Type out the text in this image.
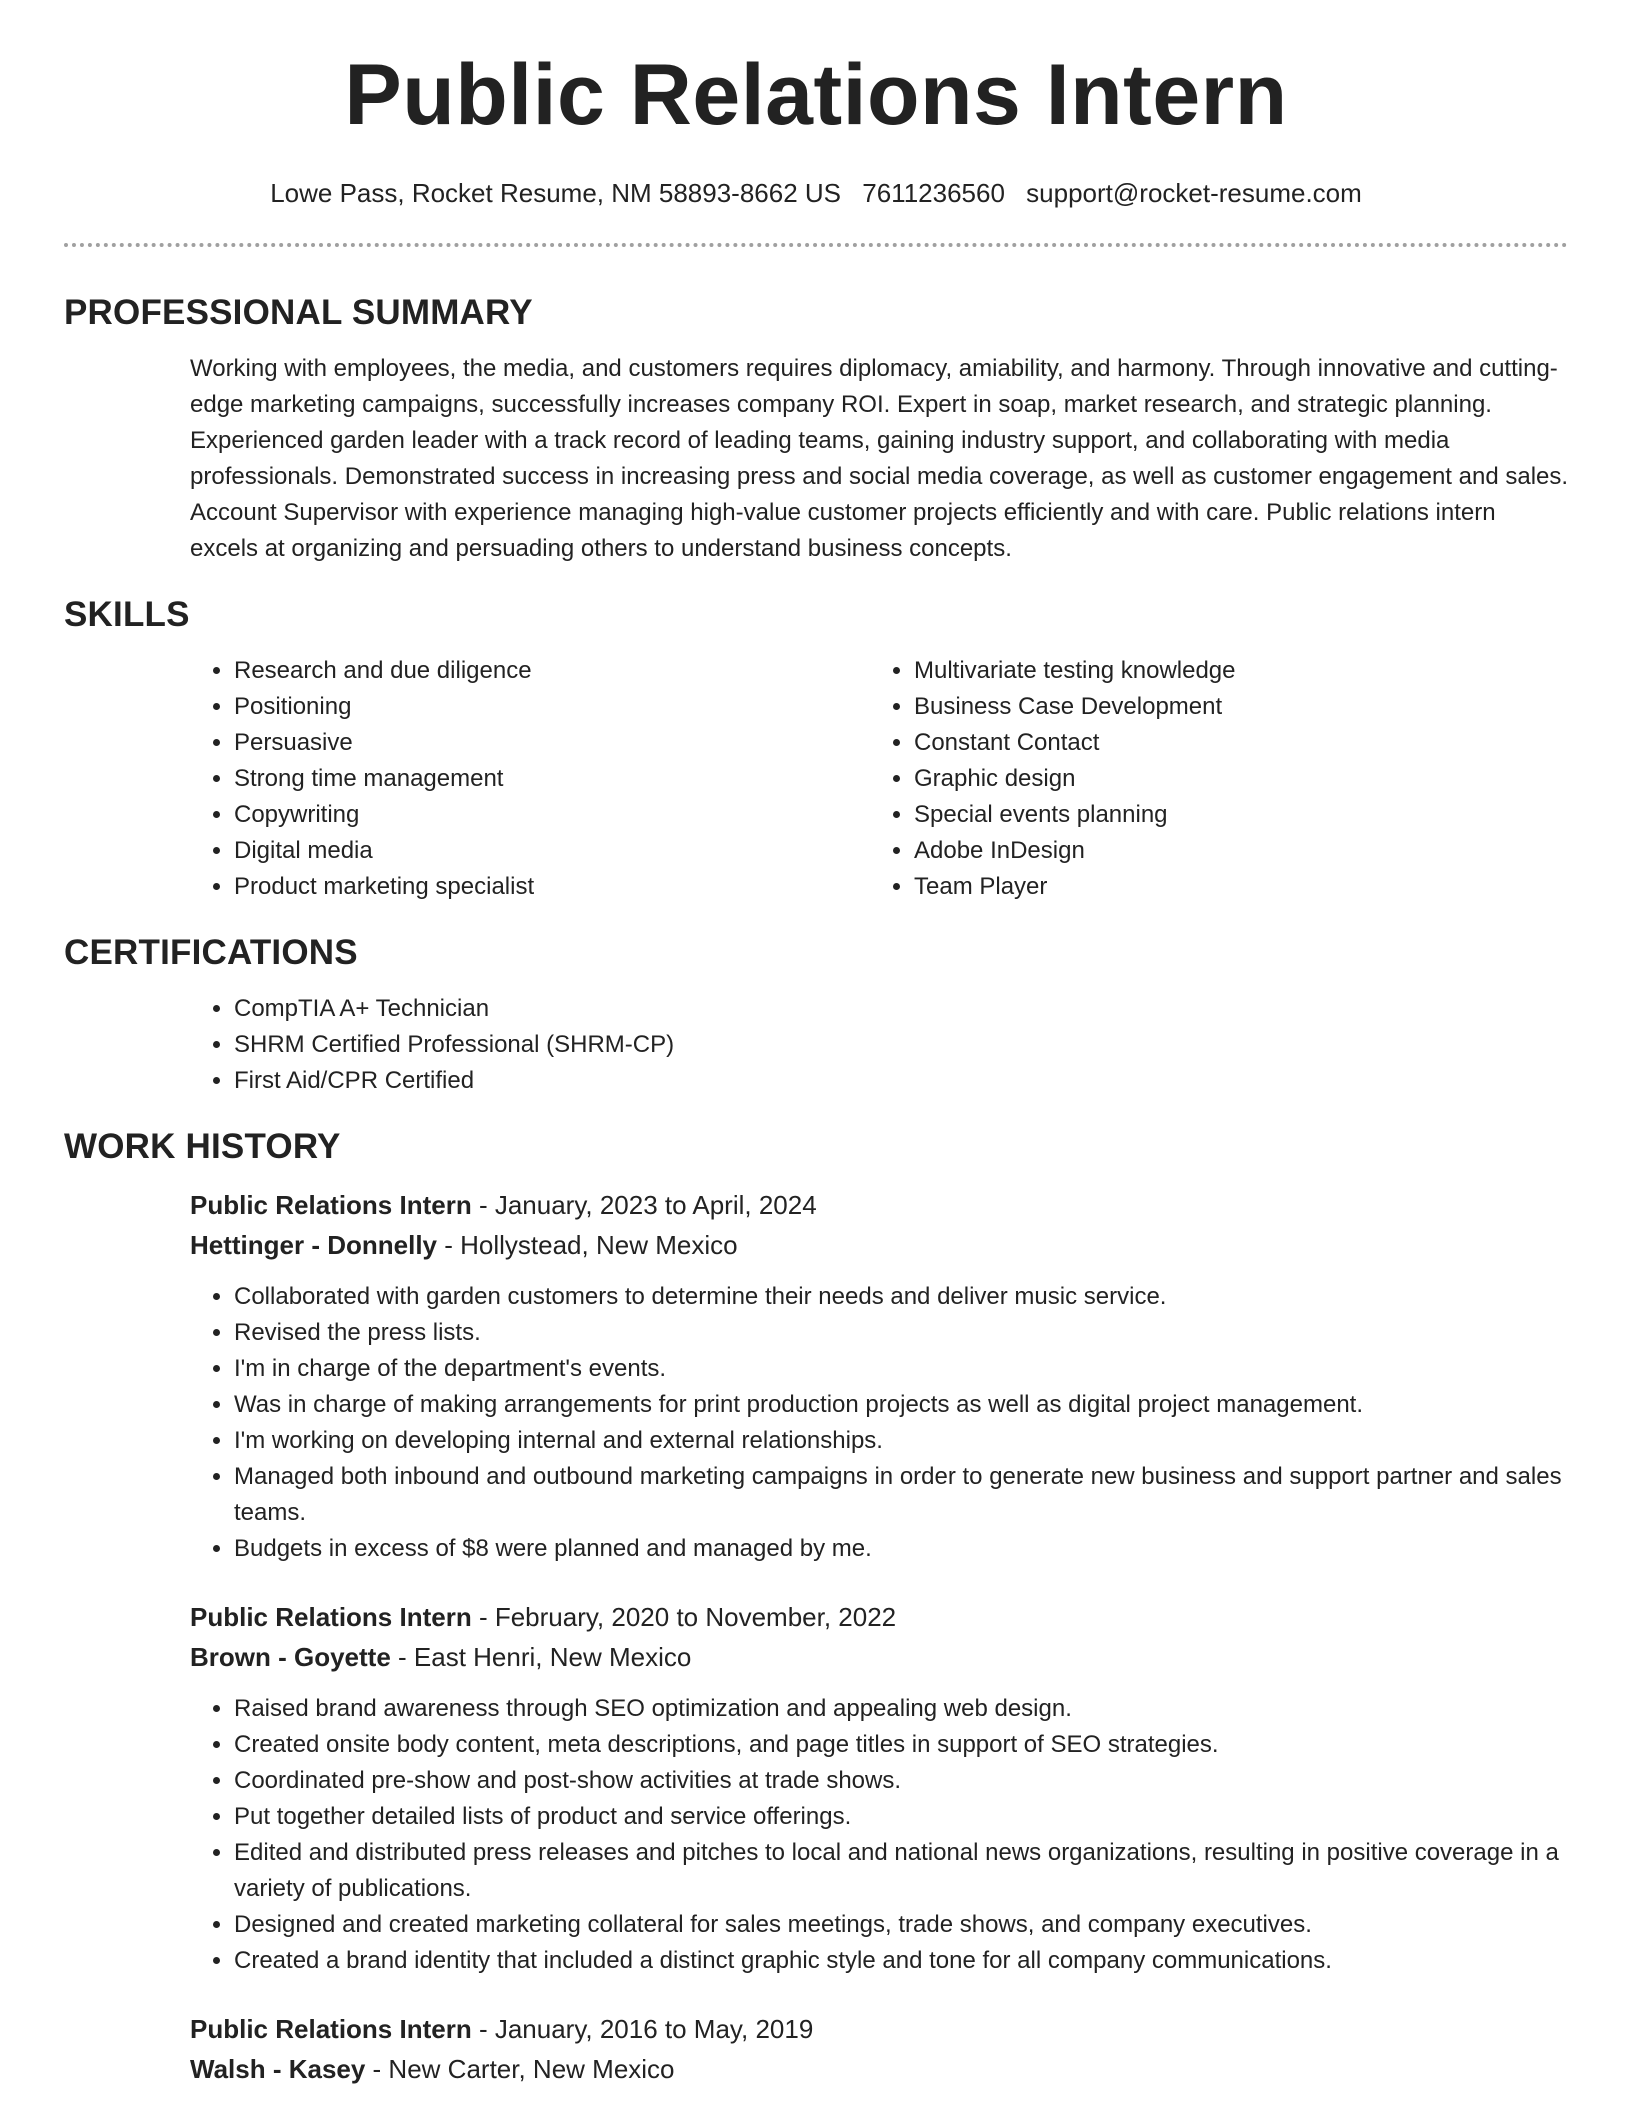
Public Relations Intern
Lowe Pass, Rocket Resume, NM 58893-8662 US 7611236560 support@rocket-resume.com
PROFESSIONAL SUMMARY

Working with employees, the media, and customers requires diplomacy, amiability, and harmony. Through innovative and cutting-edge marketing campaigns, successfully increases company ROI. Expert in soap, market research, and strategic planning. Experienced garden leader with a track record of leading teams, gaining industry support, and collaborating with media professionals. Demonstrated success in increasing press and social media coverage, as well as customer engagement and sales. Account Supervisor with experience managing high-value customer projects efficiently and with care. Public relations intern excels at organizing and persuading others to understand business concepts.

SKILLS
• Research and due diligence
• Positioning
• Persuasive
• Strong time management
• Copywriting
• Digital media
• Product marketing specialist
• Multivariate testing knowledge
• Business Case Development
• Constant Contact
• Graphic design
• Special events planning
• Adobe InDesign
• Team Player
CERTIFICATIONS
• CompTIA A+ Technician
• SHRM Certified Professional (SHRM-CP)
• First Aid/CPR Certified
WORK HISTORY
Public Relations Intern - January, 2023 to April, 2024
Hettinger - Donnelly - Hollystead, New Mexico
• Collaborated with garden customers to determine their needs and deliver music service.
• Revised the press lists.
• I'm in charge of the department's events.
• Was in charge of making arrangements for print production projects as well as digital project management.
• I'm working on developing internal and external relationships.
• Managed both inbound and outbound marketing campaigns in order to generate new business and support partner and sales teams.
• Budgets in excess of $8 were planned and managed by me.
Public Relations Intern - February, 2020 to November, 2022
Brown - Goyette - East Henri, New Mexico
• Raised brand awareness through SEO optimization and appealing web design.
• Created onsite body content, meta descriptions, and page titles in support of SEO strategies.
• Coordinated pre-show and post-show activities at trade shows.
• Put together detailed lists of product and service offerings.
• Edited and distributed press releases and pitches to local and national news organizations, resulting in positive coverage in a variety of publications.
• Designed and created marketing collateral for sales meetings, trade shows, and company executives.
• Created a brand identity that included a distinct graphic style and tone for all company communications.
Public Relations Intern - January, 2016 to May, 2019
Walsh - Kasey - New Carter, New Mexico
